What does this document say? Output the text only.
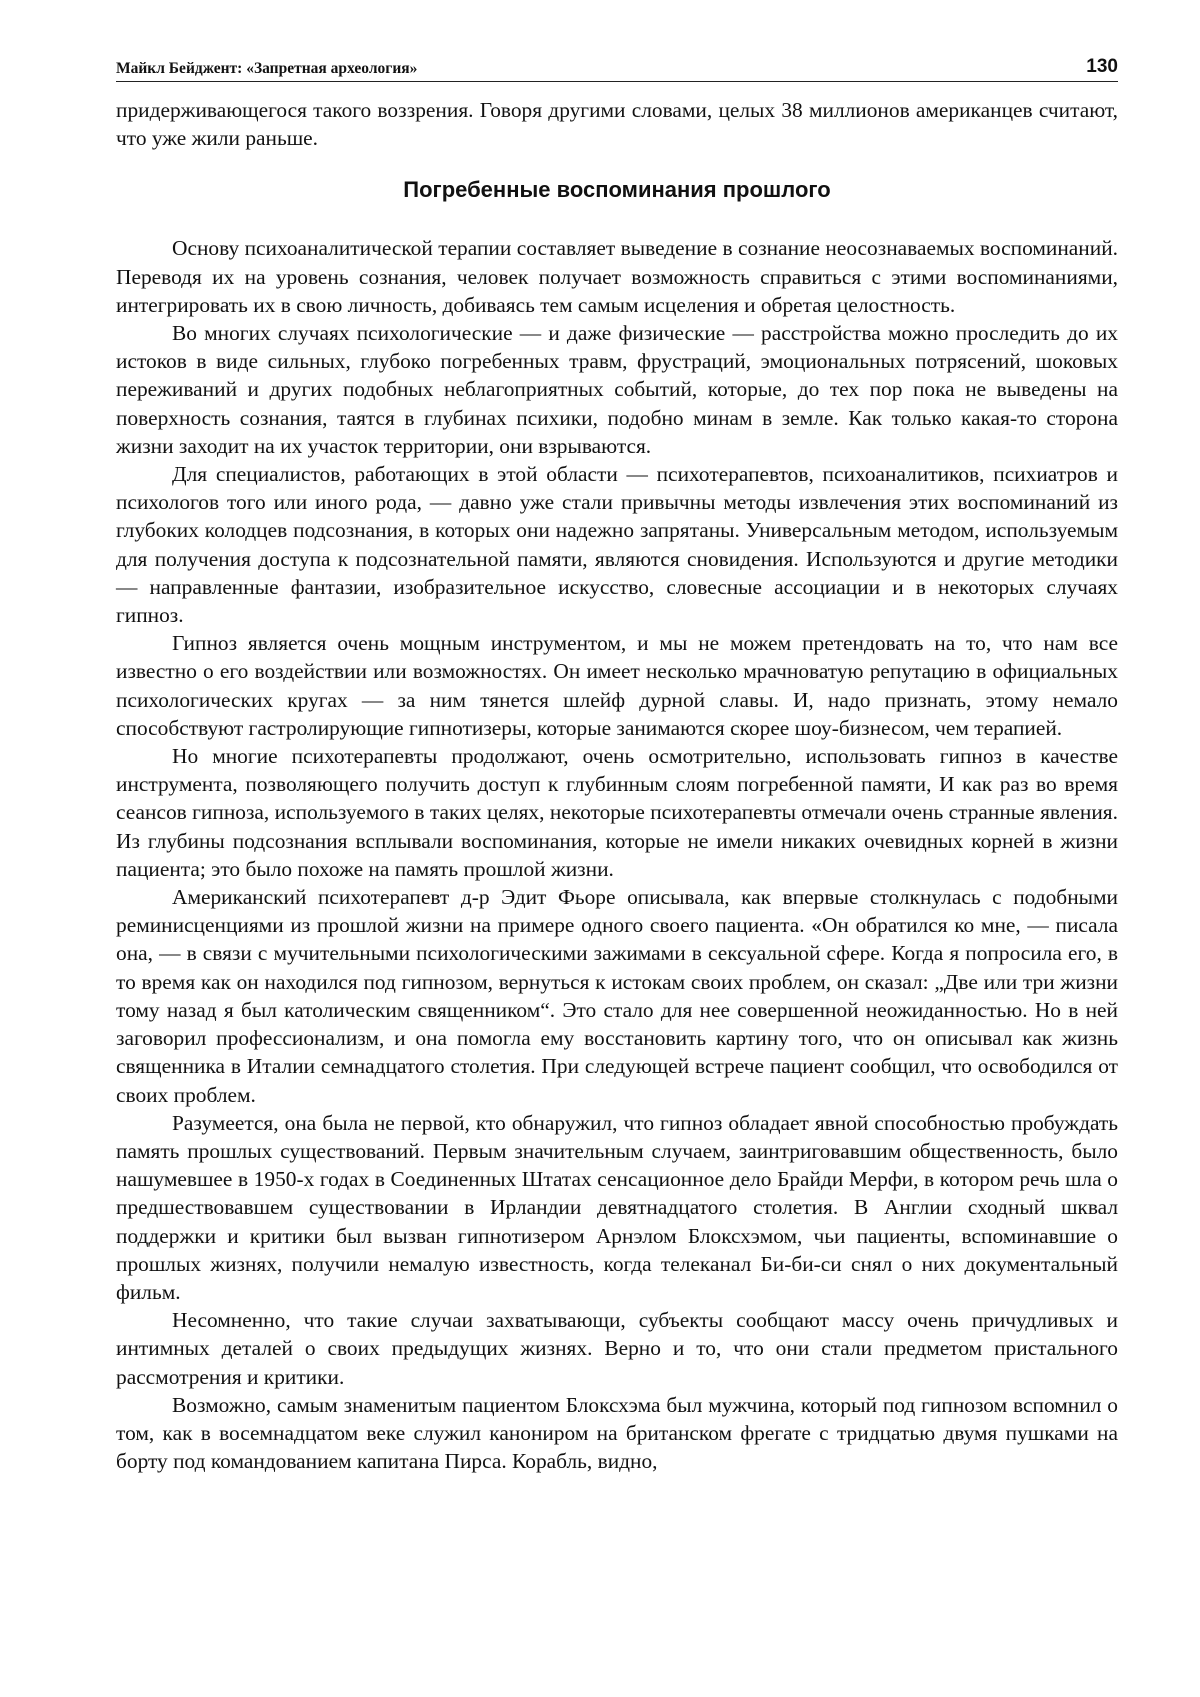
Майкл Бейджент: «Запретная археология»	130

придерживающегося такого воззрения. Говоря другими словами, целых 38 миллионов американцев считают, что уже жили раньше.

Погребенные воспоминания прошлого

Основу психоаналитической терапии составляет выведение в сознание неосознаваемых воспоминаний. Переводя их на уровень сознания, человек получает возможность справиться с этими воспоминаниями, интегрировать их в свою личность, добиваясь тем самым исцеления и обретая целостность.

Во многих случаях психологические — и даже физические — расстройства можно проследить до их истоков в виде сильных, глубоко погребенных травм, фрустраций, эмоциональных потрясений, шоковых переживаний и других подобных неблагоприятных событий, которые, до тех пор пока не выведены на поверхность сознания, таятся в глубинах психики, подобно минам в земле. Как только какая-то сторона жизни заходит на их участок территории, они взрываются.

Для специалистов, работающих в этой области — психотерапевтов, психоаналитиков, психиатров и психологов того или иного рода, — давно уже стали привычны методы извлечения этих воспоминаний из глубоких колодцев подсознания, в которых они надежно запрятаны. Универсальным методом, используемым для получения доступа к подсознательной памяти, являются сновидения. Используются и другие методики — направленные фантазии, изобразительное искусство, словесные ассоциации и в некоторых случаях гипноз.

Гипноз является очень мощным инструментом, и мы не можем претендовать на то, что нам все известно о его воздействии или возможностях. Он имеет несколько мрачноватую репутацию в официальных психологических кругах — за ним тянется шлейф дурной славы. И, надо признать, этому немало способствуют гастролирующие гипнотизеры, которые занимаются скорее шоу-бизнесом, чем терапией.

Но многие психотерапевты продолжают, очень осмотрительно, использовать гипноз в качестве инструмента, позволяющего получить доступ к глубинным слоям погребенной памяти, И как раз во время сеансов гипноза, используемого в таких целях, некоторые психотерапевты отмечали очень странные явления. Из глубины подсознания всплывали воспоминания, которые не имели никаких очевидных корней в жизни пациента; это было похоже на память прошлой жизни.

Американский психотерапевт д-р Эдит Фьоре описывала, как впервые столкнулась с подобными реминисценциями из прошлой жизни на примере одного своего пациента. «Он обратился ко мне, — писала она, — в связи с мучительными психологическими зажимами в сексуальной сфере. Когда я попросила его, в то время как он находился под гипнозом, вернуться к истокам своих проблем, он сказал: „Две или три жизни тому назад я был католическим священником“. Это стало для нее совершенной неожиданностью. Но в ней заговорил профессионализм, и она помогла ему восстановить картину того, что он описывал как жизнь священника в Италии семнадцатого столетия. При следующей встрече пациент сообщил, что освободился от своих проблем.

Разумеется, она была не первой, кто обнаружил, что гипноз обладает явной способностью пробуждать память прошлых существований. Первым значительным случаем, заинтриговавшим общественность, было нашумевшее в 1950-х годах в Соединенных Штатах сенсационное дело Брайди Мерфи, в котором речь шла о предшествовавшем существовании в Ирландии девятнадцатого столетия. В Англии сходный шквал поддержки и критики был вызван гипнотизером Арнэлом Блоксхэмом, чьи пациенты, вспоминавшие о прошлых жизнях, получили немалую известность, когда телеканал Би-би-си снял о них документальный фильм.

Несомненно, что такие случаи захватывающи, субъекты сообщают массу очень причудливых и интимных деталей о своих предыдущих жизнях. Верно и то, что они стали предметом пристального рассмотрения и критики.

Возможно, самым знаменитым пациентом Блоксхэма был мужчина, который под гипнозом вспомнил о том, как в восемнадцатом веке служил канониром на британском фрегате с тридцатью двумя пушками на борту под командованием капитана Пирса. Корабль, видно,
